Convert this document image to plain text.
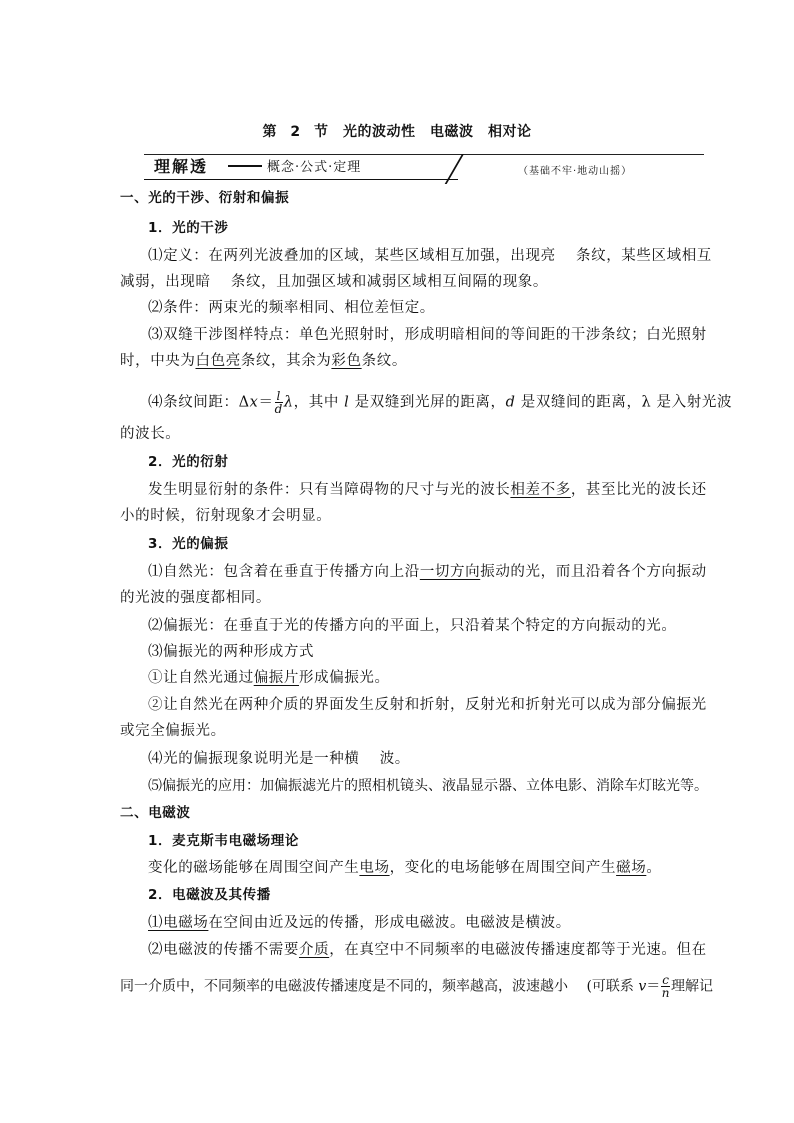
第 2 节　光的波动性　电磁波　相对论
理解透	概念·公式·定理	（基础不牢·地动山摇）
一、光的干涉、衍射和偏振
1．光的干涉
⑴定义：在两列光波叠加的区域，某些区域相互加强，出现亮　 条纹，某些区域相互
减弱，出现暗　 条纹，且加强区域和减弱区域相互间隔的现象。
⑵条件：两束光的频率相同、相位差恒定。
⑶双缝干涉图样特点：单色光照射时，形成明暗相间的等间距的干涉条纹；白光照射
时，中央为白色亮条纹，其余为彩色条纹。
⑷条纹间距：$\Delta x= \frac{l}{d}$ λ，其中 l 是双缝到光屏的距离，d 是双缝间的距离，λ 是入射光波
的波长。
2．光的衍射
发生明显衍射的条件：只有当障碍物的尺寸与光的波长相差不多，甚至比光的波长还
小的时候，衍射现象才会明显。
3．光的偏振
⑴自然光：包含着在垂直于传播方向上沿一切方向振动的光，而且沿着各个方向振动
的光波的强度都相同。
⑵偏振光：在垂直于光的传播方向的平面上，只沿着某个特定的方向振动的光。
⑶偏振光的两种形成方式
①让自然光通过偏振片形成偏振光。
②让自然光在两种介质的界面发生反射和折射，反射光和折射光可以成为部分偏振光
或完全偏振光。
⑷光的偏振现象说明光是一种横　 波。
⑸偏振光的应用：加偏振滤光片的照相机镜头、液晶显示器、立体电影、消除车灯眩光等。
二、电磁波
1．麦克斯韦电磁场理论
变化的磁场能够在周围空间产生电场，变化的电场能够在周围空间产生磁场。
2．电磁波及其传播
⑴电磁场在空间由近及远的传播，形成电磁波。电磁波是横波。
⑵电磁波的传播不需要介质，在真空中不同频率的电磁波传播速度都等于光速。但在
同一介质中，不同频率的电磁波传播速度是不同的，频率越高，波速越小　 (可联系 $v= \frac{c}{n}$ 理解记
